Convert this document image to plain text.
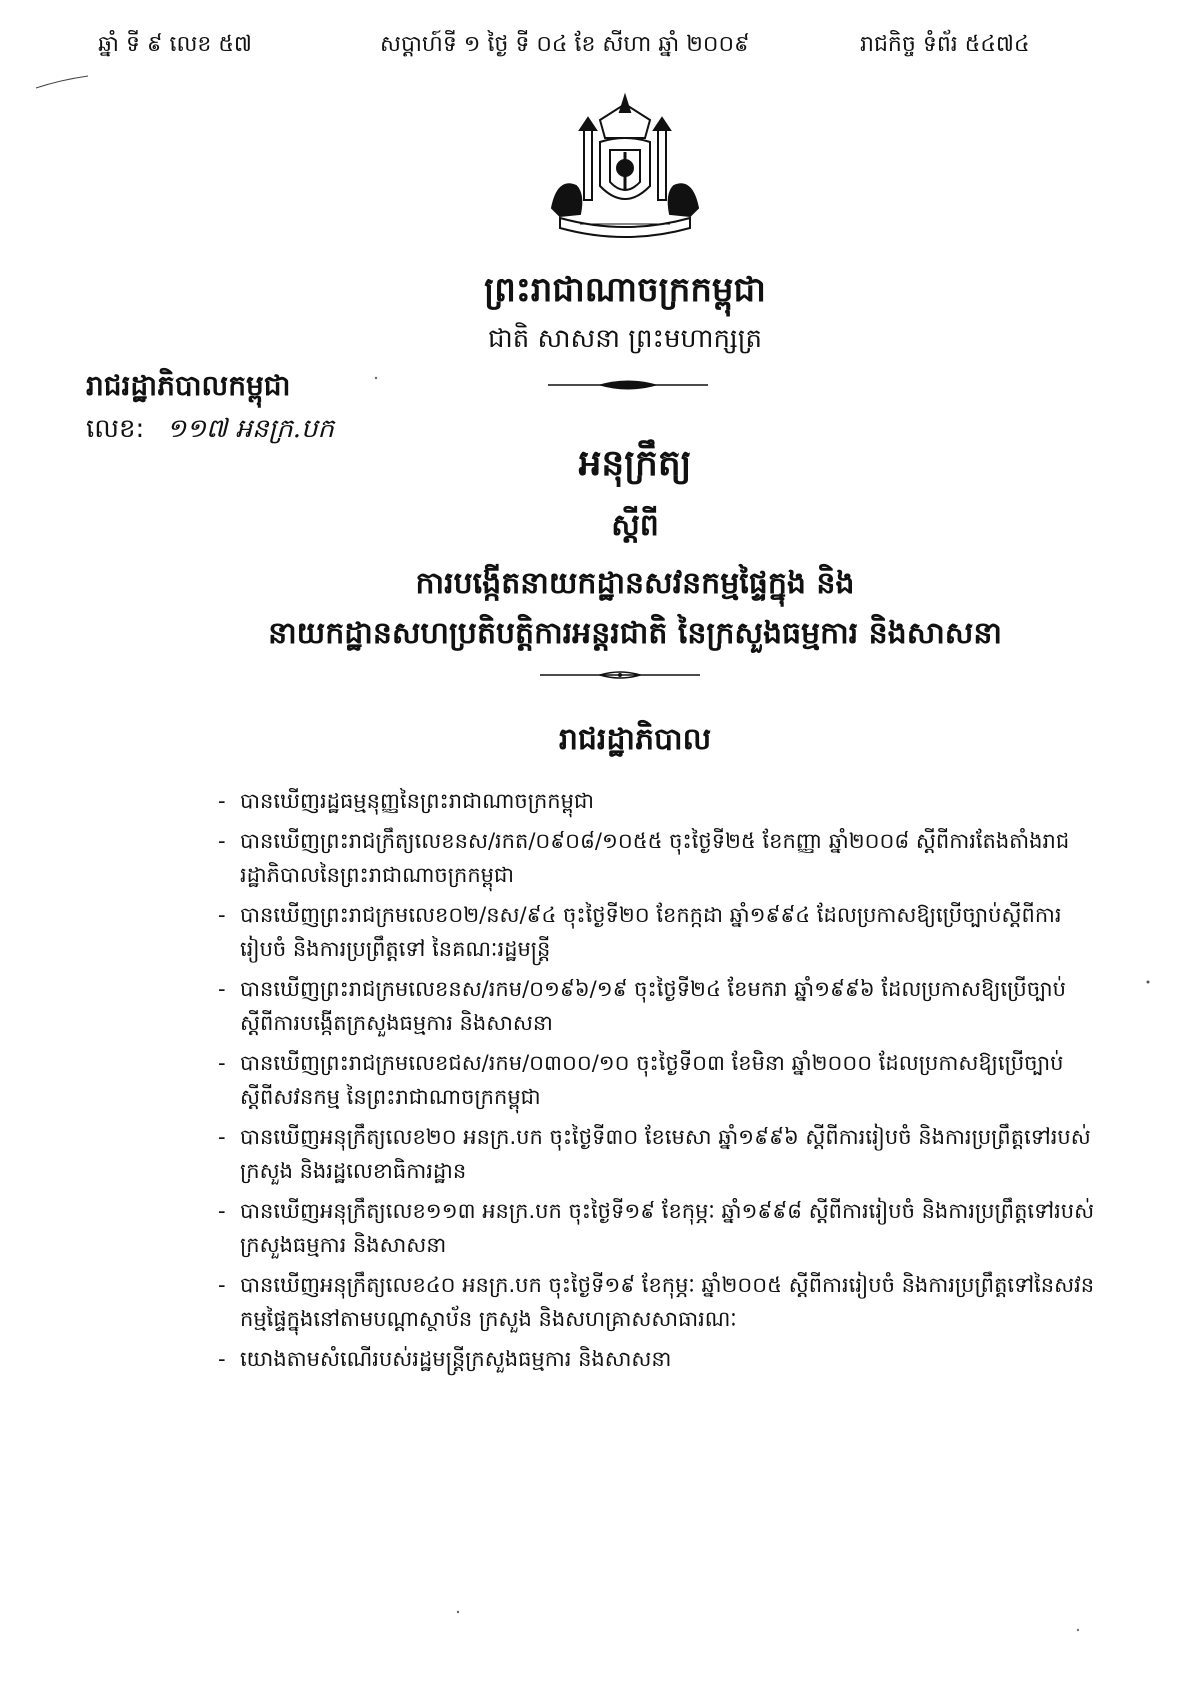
ឆ្នាំ ទី ៩ លេខ ៥៧	សប្តាហ៍ទី ១ ថ្ងៃ ទី ០៤ ខែ សីហា ឆ្នាំ ២០០៩	រាជកិច្ច ទំព័រ ៥៤៧៤
ព្រះរាជាណាចក្រកម្ពុជា
ជាតិ សាសនា ព្រះមហាក្សត្រ
រាជរដ្ឋាភិបាលកម្ពុជា
លេខ: ១១៧ អនក្រ.បក
អនុក្រឹត្យ
ស្តីពី
ការបង្កើតនាយកដ្ឋានសវនកម្មផ្ទៃក្នុង និង
នាយកដ្ឋានសហប្រតិបត្តិការអន្តរជាតិ នៃក្រសួងធម្មការ និងសាសនា
រាជរដ្ឋាភិបាល
- បានឃើញរដ្ឋធម្មនុញ្ញនៃព្រះរាជាណាចក្រកម្ពុជា
- បានឃើញព្រះរាជក្រឹត្យលេខនស/រកត/០៩០៨/១០៥៥ ចុះថ្ងៃទី២៥ ខែកញ្ញា ឆ្នាំ២០០៨ ស្តីពីការតែងតាំងរាជរដ្ឋាភិបាលនៃព្រះរាជាណាចក្រកម្ពុជា
- បានឃើញព្រះរាជក្រមលេខ០២/នស/៩៤ ចុះថ្ងៃទី២០ ខែកក្កដា ឆ្នាំ១៩៩៤ ដែលប្រកាសឱ្យប្រើច្បាប់ស្តីពីការរៀបចំ និងការប្រព្រឹត្តទៅ នៃគណៈរដ្ឋមន្ត្រី
- បានឃើញព្រះរាជក្រមលេខនស/រកម/០១៩៦/១៩ ចុះថ្ងៃទី២៤ ខែមករា ឆ្នាំ១៩៩៦ ដែលប្រកាសឱ្យប្រើច្បាប់ស្តីពីការបង្កើតក្រសួងធម្មការ និងសាសនា
- បានឃើញព្រះរាជក្រមលេខជស/រកម/០៣០០/១០ ចុះថ្ងៃទី០៣ ខែមិនា ឆ្នាំ២០០០ ដែលប្រកាសឱ្យប្រើច្បាប់ស្តីពីសវនកម្ម នៃព្រះរាជាណាចក្រកម្ពុជា
- បានឃើញអនុក្រឹត្យលេខ២០ អនក្រ.បក ចុះថ្ងៃទី៣០ ខែមេសា ឆ្នាំ១៩៩៦ ស្តីពីការរៀបចំ និងការប្រព្រឹត្តទៅរបស់ក្រសួង និងរដ្ឋលេខាធិការដ្ឋាន
- បានឃើញអនុក្រឹត្យលេខ១១៣ អនក្រ.បក ចុះថ្ងៃទី១៩ ខែកុម្ភៈ ឆ្នាំ១៩៩៨ ស្តីពីការរៀបចំ និងការប្រព្រឹត្តទៅរបស់ក្រសួងធម្មការ និងសាសនា
- បានឃើញអនុក្រឹត្យលេខ៤០ អនក្រ.បក ចុះថ្ងៃទី១៩ ខែកុម្ភៈ ឆ្នាំ២០០៥ ស្តីពីការរៀបចំ និងការប្រព្រឹត្តទៅនៃសវនកម្មផ្ទៃក្នុងនៅតាមបណ្តាស្ថាប័ន ក្រសួង និងសហគ្រាសសាធារណៈ
- យោងតាមសំណើរបស់រដ្ឋមន្ត្រីក្រសួងធម្មការ និងសាសនា
